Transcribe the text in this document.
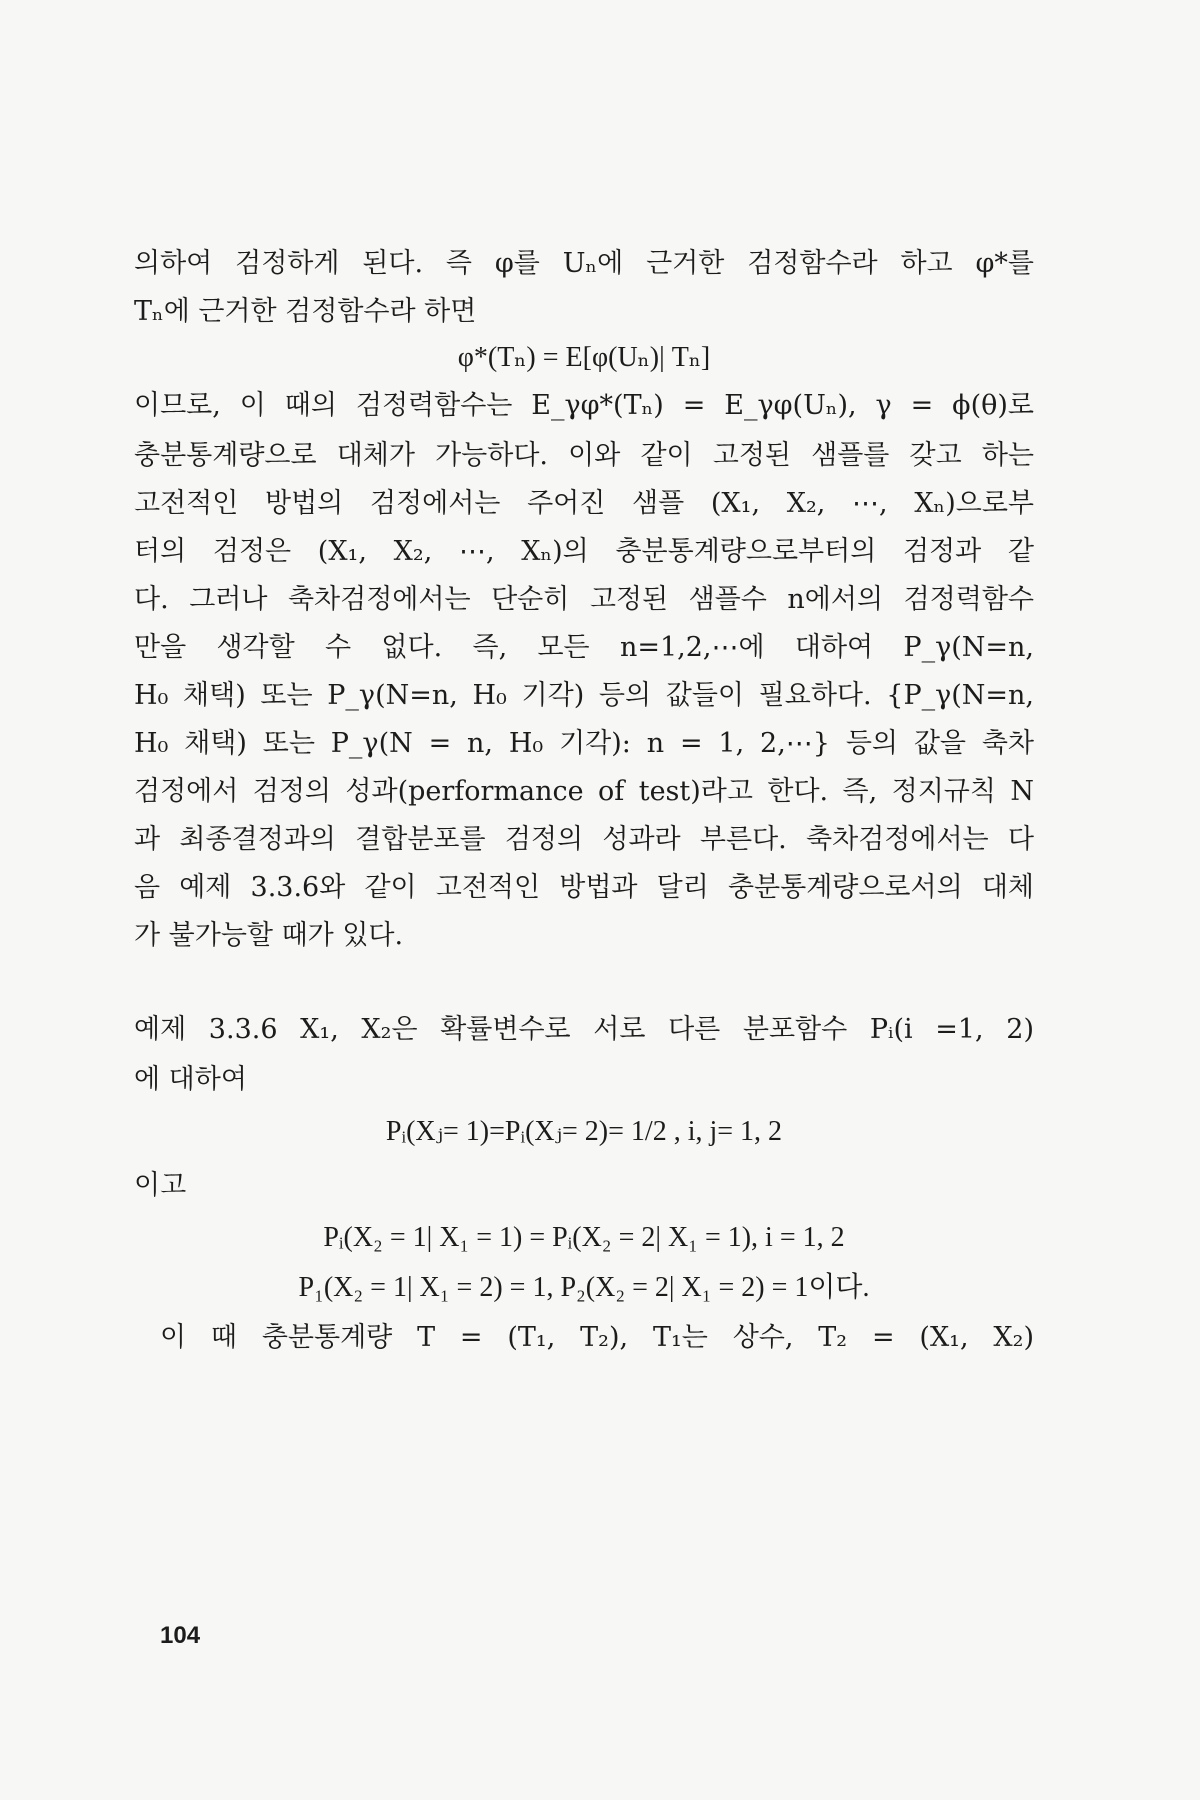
의하여 검정하게 된다. 즉 φ를 Uₙ에 근거한 검정함수라 하고 φ*를
Tₙ에 근거한 검정함수라 하면
φ*(Tₙ) = E[φ(Uₙ)| Tₙ]
이므로, 이 때의 검정력함수는 E_γφ*(Tₙ) = E_γφ(Uₙ), γ = ϕ(θ)로
충분통계량으로 대체가 가능하다. 이와 같이 고정된 샘플를 갖고 하는
고전적인 방법의 검정에서는 주어진 샘플 (X₁, X₂, ⋯, Xₙ)으로부
터의 검정은 (X₁, X₂, ⋯, Xₙ)의 충분통계량으로부터의 검정과 같
다. 그러나 축차검정에서는 단순히 고정된 샘플수 n에서의 검정력함수
만을 생각할 수 없다. 즉, 모든 n=1,2,⋯에 대하여 P_γ(N=n,
H₀ 채택) 또는 P_γ(N=n, H₀ 기각) 등의 값들이 필요하다. {P_γ(N=n,
H₀ 채택) 또는 P_γ(N = n, H₀ 기각): n = 1, 2,⋯} 등의 값을 축차
검정에서 검정의 성과(performance of test)라고 한다. 즉, 정지규칙 N
과 최종결정과의 결합분포를 검정의 성과라 부른다. 축차검정에서는 다
음 예제 3.3.6와 같이 고전적인 방법과 달리 충분통계량으로서의 대체
가 불가능할 때가 있다.
예제 3.3.6 X₁, X₂은 확률변수로 서로 다른 분포함수 Pᵢ(i =1, 2)
에 대하여
Pᵢ(Xⱼ= 1)=Pᵢ(Xⱼ= 2)= 1/2 , i, j= 1, 2
이고
Pᵢ(X₂ = 1| X₁ = 1) = Pᵢ(X₂ = 2| X₁ = 1), i = 1, 2
P₁(X₂ = 1| X₁ = 2) = 1, P₂(X₂ = 2| X₁ = 2) = 1이다.
이 때 충분통계량 T = (T₁, T₂), T₁는 상수, T₂ = (X₁, X₂)
104
